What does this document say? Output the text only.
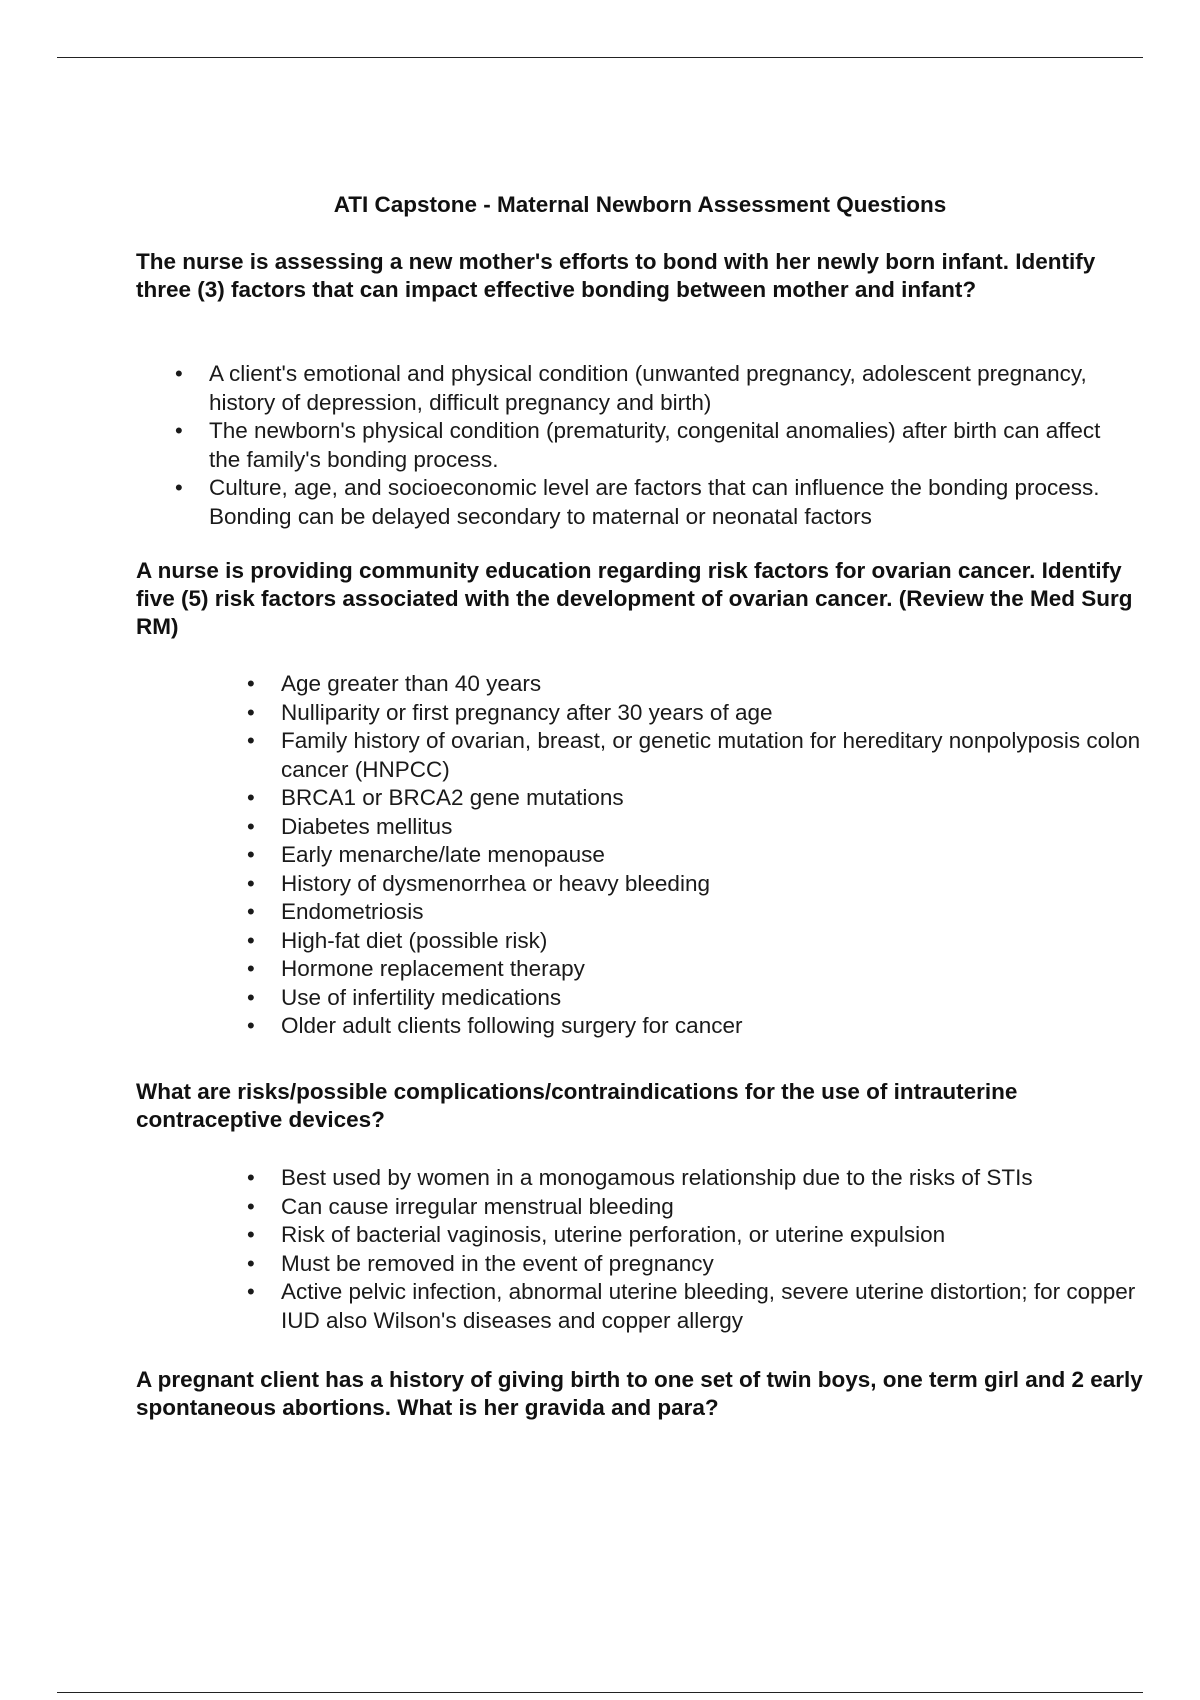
ATI Capstone - Maternal Newborn Assessment Questions

The nurse is assessing a new mother's efforts to bond with her newly born infant. Identify three (3) factors that can impact effective bonding between mother and infant?

• A client's emotional and physical condition (unwanted pregnancy, adolescent pregnancy, history of depression, difficult pregnancy and birth)
• The newborn's physical condition (prematurity, congenital anomalies) after birth can affect the family's bonding process.
• Culture, age, and socioeconomic level are factors that can influence the bonding process. Bonding can be delayed secondary to maternal or neonatal factors

A nurse is providing community education regarding risk factors for ovarian cancer. Identify five (5) risk factors associated with the development of ovarian cancer. (Review the Med Surg RM)

• Age greater than 40 years
• Nulliparity or first pregnancy after 30 years of age
• Family history of ovarian, breast, or genetic mutation for hereditary nonpolyposis colon cancer (HNPCC)
• BRCA1 or BRCA2 gene mutations
• Diabetes mellitus
• Early menarche/late menopause
• History of dysmenorrhea or heavy bleeding
• Endometriosis
• High-fat diet (possible risk)
• Hormone replacement therapy
• Use of infertility medications
• Older adult clients following surgery for cancer

What are risks/possible complications/contraindications for the use of intrauterine contraceptive devices?

• Best used by women in a monogamous relationship due to the risks of STIs
• Can cause irregular menstrual bleeding
• Risk of bacterial vaginosis, uterine perforation, or uterine expulsion
• Must be removed in the event of pregnancy
• Active pelvic infection, abnormal uterine bleeding, severe uterine distortion; for copper IUD also Wilson's diseases and copper allergy

A pregnant client has a history of giving birth to one set of twin boys, one term girl and 2 early spontaneous abortions. What is her gravida and para?
